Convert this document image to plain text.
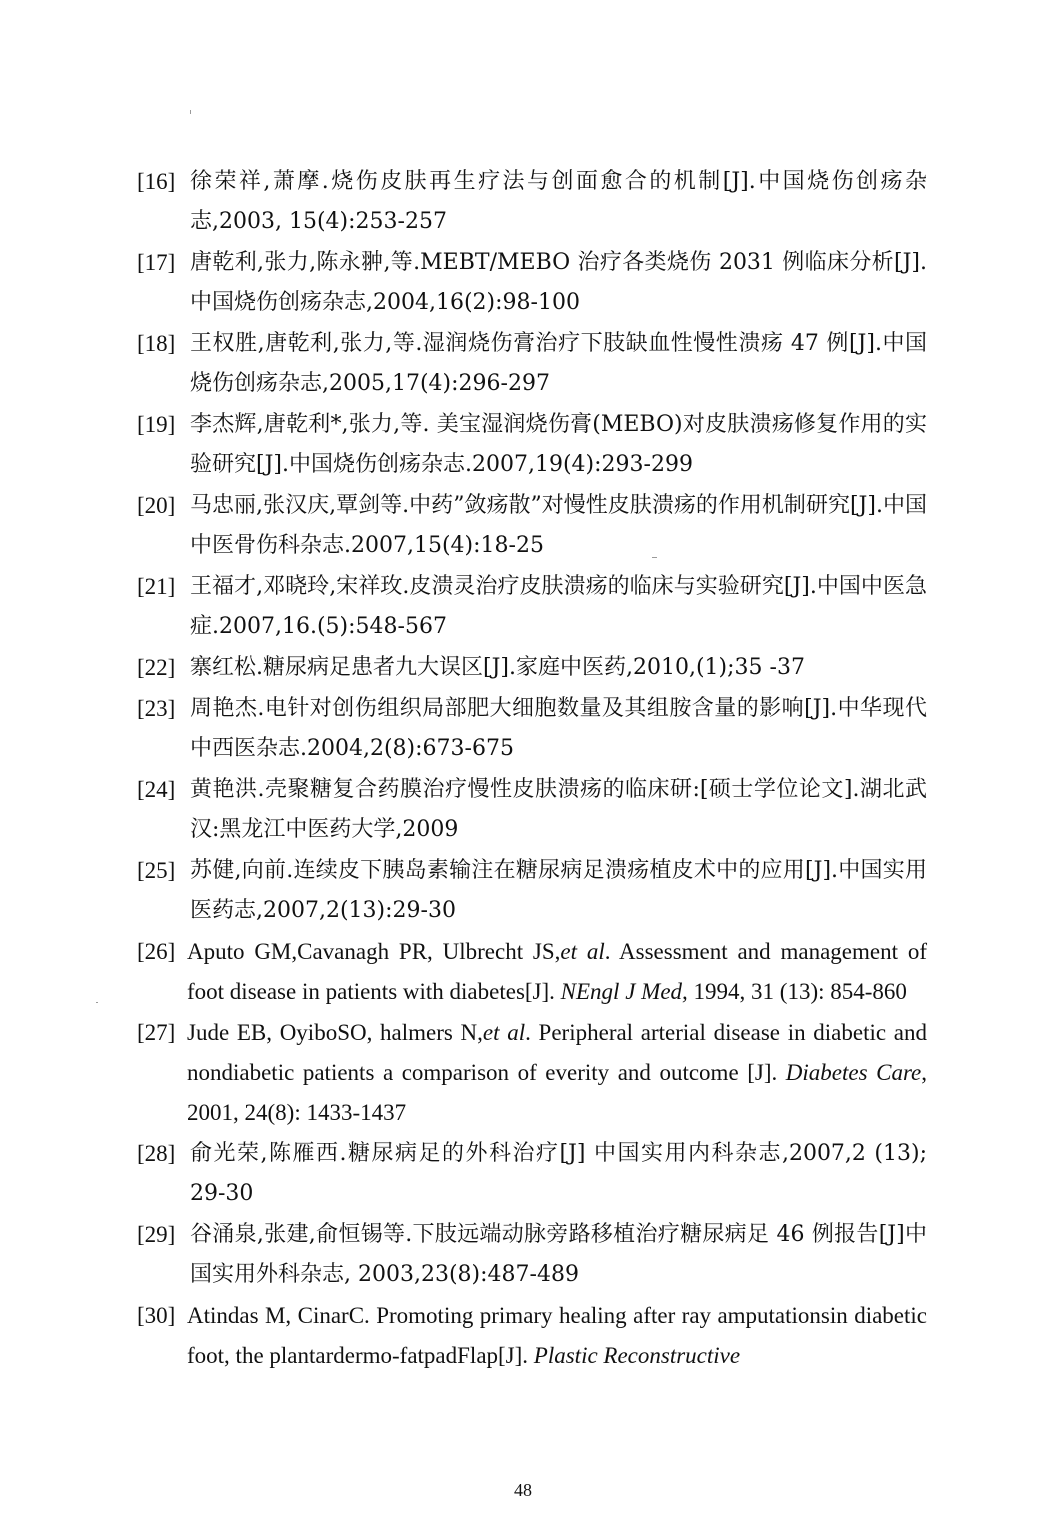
[16] 徐荣祥,萧摩.烧伤皮肤再生疗法与创面愈合的机制[J].中国烧伤创疡杂志,2003, 15(4):253-257
[17] 唐乾利,张力,陈永翀,等.MEBT/MEBO 治疗各类烧伤 2031 例临床分析[J].中国烧伤创疡杂志,2004,16(2):98-100
[18] 王权胜,唐乾利,张力,等.湿润烧伤膏治疗下肢缺血性慢性溃疡 47 例[J].中国烧伤创疡杂志,2005,17(4):296-297
[19] 李杰辉,唐乾利*,张力,等. 美宝湿润烧伤膏(MEBO)对皮肤溃疡修复作用的实验研究[J].中国烧伤创疡杂志.2007,19(4):293-299
[20] 马忠丽,张汉庆,覃剑等.中药”敛疡散”对慢性皮肤溃疡的作用机制研究[J].中国中医骨伤科杂志.2007,15(4):18-25
[21] 王福才,邓晓玲,宋祥玫.皮溃灵治疗皮肤溃疡的临床与实验研究[J].中国中医急症.2007,16.(5):548-567
[22] 寨红松.糖尿病足患者九大误区[J].家庭中医药,2010,(1);35 -37
[23] 周艳杰.电针对创伤组织局部肥大细胞数量及其组胺含量的影响[J].中华现代中西医杂志.2004,2(8):673-675
[24] 黄艳洪.壳聚糖复合药膜治疗慢性皮肤溃疡的临床研:[硕士学位论文].湖北武汉:黑龙江中医药大学,2009
[25] 苏健,向前.连续皮下胰岛素输注在糖尿病足溃疡植皮术中的应用[J].中国实用医药志,2007,2(13):29-30
[26] Aputo GM,Cavanagh PR, Ulbrecht JS,et al. Assessment and management of foot disease in patients with diabetes[J]. NEngl J Med, 1994, 31 (13): 854-860
[27] Jude EB, OyiboSO, halmers N,et al. Peripheral arterial disease in diabetic and nondiabetic patients a comparison of everity and outcome [J]. Diabetes Care, 2001, 24(8): 1433-1437
[28] 俞光荣,陈雁西.糖尿病足的外科治疗[J] 中国实用内科杂志,2007,2 (13); 29-30
[29] 谷涌泉,张建,俞恒锡等.下肢远端动脉旁路移植治疗糖尿病足 46 例报告[J]中国实用外科杂志, 2003,23(8):487-489
[30] Atindas M, CinarC. Promoting primary healing after ray amputationsin diabetic foot, the plantardermo-fatpadFlap[J]. Plastic Reconstructive
48
